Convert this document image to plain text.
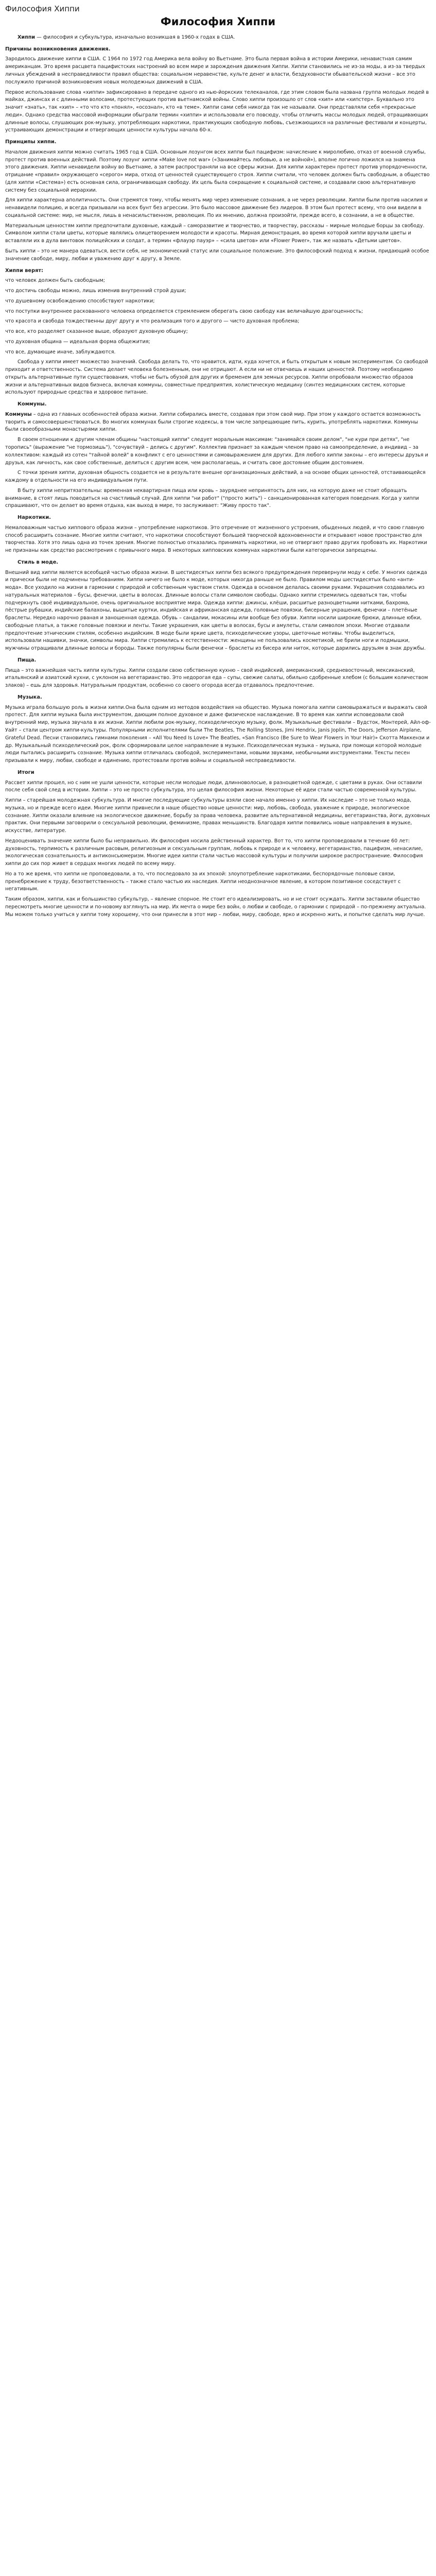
Философия Хиппи
Философия Хиппи

Хиппи — философия и субкультура, изначально возникшая в 1960-х годах в США.

Причины возникновения движения.

Зародилось движение хиппи в США. С 1964 по 1972 год Америка вела войну во Вьетнаме. Это была первая война в истории Америки, ненавистная самим американцам. Это время расцвета пацифистских настроений во всем мире и зарождения движения Хиппи. Хиппи становились не из-за моды, а из-за твердых личных убеждений в несправедливости правил общества: социальном неравенстве, культе денег и власти, бездуховности обывательской жизни – все это послужило причиной возникновения новых молодежных движений в США.

Первое использование слова «хиппи» зафиксировано в передаче одного из нью-йоркских телеканалов, где этим словом была названа группа молодых людей в майках, джинсах и с длинными волосами, протестующих против вьетнамской войны. Слово хиппи произошло от слов «хип» или «хипстер». Буквально это значит «знать», так «хип» – «то что кто «понял», «осознал», кто «в теме». Хиппи сами себя никогда так не называли. Они представляли себя «прекрасные люди». Однако средства массовой информации обыграли термин «хиппи» и использовали его повсюду, чтобы отличить массы молодых людей, отращивающих длинные волосы, слушающих рок-музыку, употребляющих наркотики, практикующих свободную любовь, съезжающихся на различные фестивали и концерты, устраивающих демонстрации и отвергающих ценности культуры начала 60-х.

Принципы хиппи.

Началом движения хиппи можно считать 1965 год в США. Основным лозунгом всех хиппи был пацифизм: начисление к миролюбию, отказ от военной службы, протест против военных действий. Поэтому лозунг хиппи «Make love not war» («Занимайтесь любовью, а не войной»), вполне логично ложился на знамена этого движения. Хиппи ненавидели войну во Вьетнаме, а затем распространяли на все сферы жизни. Для хиппи характерен протест против упорядоченности, отрицание «правил» окружающего «серого» мира, отход от ценностей существующего строя. Хиппи считали, что человек должен быть свободным, а общество (для хиппи «Система») есть основная сила, ограничивающая свободу. Их цель была сокращение к социальной системе, и создавали свою альтернативную систему без социальной иерархии.

Для хиппи характерна аполитичность. Они стремятся тому, чтобы менять мир через изменение сознания, а не через революции. Хиппи были против насилия и ненавидели полицию, и всегда призывали на всех бунт без агрессии. Это было массовое движение без лидеров. В этом был протест всему, что они видели в социальной системе: мир, не мысля, лишь в ненасильственном, революция. По их мнению, должна произойти, прежде всего, в сознании, а не в обществе.

Материальным ценностям хиппи предпочитали духовные, каждый – саморазвитие и творчество, и творчеству, рассказы – мирные молодые борцы за свободу. Символом хиппи стали цветы, которые являлись олицетворением молодости и красоты. Мирная демонстрация, во время которой хиппи вручали цветы и вставляли их в дула винтовок полицейских и солдат, а термин «флауэр пауэр» – «сила цветов» или «Flower Power», так же назвать «Детьми цветов».

Быть хиппи – это не манера одеваться, вести себя, не экономический статус или социальное положение. Это философский подход к жизни, придающий особое значение свободе, миру, любви и уважению друг к другу, в Земле.

Хиппи верят:

что человек должен быть свободным;

что достичь свободы можно, лишь изменив внутренний строй души;

что душевному освобождению способствуют наркотики;

что поступки внутреннее раскованного человека определяется стремлением оберегать свою свободу как величайшую драгоценность;

что красота и свобода тождественны друг другу и что реализация того и другого — чисто духовная проблема;

что все, кто разделяет сказанное выше, образуют духовную общину;

что духовная община — идеальная форма общежития;

что все, думающие иначе, заблуждаются.

Свобода у хиппи имеет множество значений. Свобода делать то, что нравится, идти, куда хочется, и быть открытым к новым экспериментам. Со свободой приходит и ответственность. Система делает человека болезненным, они не отрицают. А если ни не отвечаешь и наших ценностей. Поэтому необходимо открыть альтернативные пути существования, чтобы не быть обузой для других и бременем для земных ресурсов. Хиппи опробовали множество образов жизни и альтернативных видов бизнеса, включая коммуны, совместные предприятия, холистическую медицину (синтез медицинских систем, которые используют природные средства и здоровое питание.

Коммуны.

Коммуны – одна из главных особенностей образа жизни. Хиппи собирались вместе, создавая при этом свой мир. При этом у каждого остается возможность творить и самосовершенствоваться. Во многих коммунах были строгие кодексы, в том числе запрещающие пить, курить, употреблять наркотики. Коммуны были своеобразными монастырями хиппи.

В своем отношении к другим членам общины "настоящий хиппи" следует моральным максимам: "занимайся своим делом", "не кури при детях", "не торопись" (выражение "не тормозишь"), "сочувствуй – делись с другим". Коллектив признает за каждым членом право на самоопределение, а индивид – за коллективом: каждый из сотен "тайной волей" в конфликт с его ценностями и самовыражением для других. Для любого хиппи законы – его интересы друзья и друзья, как личность, как свое собственные, делиться с другим всем, чем располагаешь, и считать свое достояние общим достоянием.

С точки зрения хиппи, духовная общность создается не в результате внешне организационных действий, а на основе общих ценностей, отстаивающейся каждому в отдельности на его индивидуальном пути.

В быту хиппи непритязательны: временная неквартирная пища или кровь – зауряднее непринятость для них, на которую даже не стоит обращать внимание, в стоят лишь поводиться на счастливый случай. Для хиппи "ни работ" ("просто жить") – санкционированная категория поведения. Когда у хиппи спрашивают, что он делает во время отдыха, как выход в мире, то заслуживает: "Живу просто так".

Наркотики.

Немаловажным частью хиппового образа жизни – употребление наркотиков. Это отречение от жизненного устроения, обыденных людей, и что свою главную способ расширить сознание. Многие хиппи считают, что наркотики способствуют большей творческой вдохновенности и открывают новое пространство для творчества. Хотя это лишь одна из точек зрения. Многие полностью отказались принимать наркотики, но не отвергают право других пробовать их. Наркотики не признаны как средство рассмотрения с привычного мира. В некоторых хипповских коммунах наркотики были категорически запрещены.

Стиль в моде.

Внешний вид хиппи является всеобщей частью образа жизни. В шестидесятых хиппи без всякого предупреждения перевернули моду к себе. У многих одежда и прически были не подчинены требованиям. Хиппи ничего не было к моде, которых никогда раньше не было. Правилом моды шестидесятых было «анти-мода». Все уходило на жизни в гармонии с природой и собственным чувством стиля. Одежда в основном делалась своими руками. Украшения создавались из натуральных материалов – бусы, фенечки, цветы в волосах. Длинные волосы стали символом свободы. Однако хиппи стремились одеваться так, чтобы подчеркнуть своё индивидуальное, очень оригинальное восприятие мира. Одежда хиппи: джинсы, клёши, расшитые разноцветными нитками, бахрома, пёстрые рубашки, индийские балахоны, вышитые куртки, индийская и африканская одежда, головные повязки, бисерные украшения, фенечки – плетёные браслеты. Нередко нарочно рваная и заношенная одежда. Обувь – сандалии, мокасины или вообще без обуви. Хиппи носили широкие брюки, длинные юбки, свободные платья, а также головные повязки и ленты. Такие украшения, как цветы в волосах, бусы и амулеты, стали символом эпохи. Многие отдавали предпочтение этническим стилям, особенно индийским. В моде были яркие цвета, психоделические узоры, цветочные мотивы. Чтобы выделиться, использовали нашивки, значки, символы мира. Хиппи стремились к естественности: женщины не пользовались косметикой, не брили ноги и подмышки, мужчины отращивали длинные волосы и бороды. Также популярны были фенечки – браслеты из бисера или ниток, которые дарились друзьям в знак дружбы.

Пища.

Пища – это важнейшая часть хиппи культуры. Хиппи создали свою собственную кухню – свой индийский, американский, средневосточный, мексиканский, итальянский и азиатский кухни, с уклоном на вегетарианство. Это недорогая еда – супы, свежие салаты, обильно сдобренные хлебом (с большим количеством злаков) – ешь для здоровья. Натуральным продуктам, особенно со своего огорода всегда отдавалось предпочтение.

Музыка.

Музыка играла большую роль в жизни хиппи.Она была одним из методов воздействия на общество. Музыка помогала хиппи самовыражаться и выражать свой протест. Для хиппи музыка была инструментом, дающим полное духовное и даже физическое наслаждение. В то время как хиппи исповедовали свой внутренний мир, музыка звучала в их жизни. Хиппи любили рок-музыку, психоделическую музыку, фолк. Музыкальные фестивали – Вудсток, Монтерей, Айл-оф-Уайт – стали центром хиппи-культуры. Популярными исполнителями были The Beatles, The Rolling Stones, Jimi Hendrix, Janis Joplin, The Doors, Jefferson Airplane, Grateful Dead. Песни становились гимнами поколения – «All You Need Is Love» The Beatles, «San Francisco (Be Sure to Wear Flowers in Your Hair)» Скотта Маккензи и др. Музыкальный психоделический рок, фолк сформировали целое направление в музыке. Психоделическая музыка – музыка, при помощи которой молодые люди пытались расширить сознание. Музыка хиппи отличалась свободой, экспериментами, новыми звуками, необычными инструментами. Тексты песен призывали к миру, любви, свободе и единению, протестовали против войны и социальной несправедливости.

Итоги

Рассвет хиппи прошел, но с ним не ушли ценности, которые несли молодые люди, длинноволосые, в разноцветной одежде, с цветами в руках. Они оставили после себя свой след в истории. Хиппи – это не просто субкультура, это целая философия жизни. Некоторые её идеи стали частью современной культуры.

Хиппи – старейшая молодежная субкультура. И многие последующие субкультуры взяли свое начало именно у хиппи. Их наследие – это не только мода, музыка, но и прежде всего идеи. Многие хиппи привнесли в наше общество новые ценности: мир, любовь, свобода, уважение к природе, экологическое сознание. Хиппи оказали влияние на экологическое движение, борьбу за права человека, развитие альтернативной медицины, вегетарианства, йоги, духовных практик. Они первыми заговорили о сексуальной революции, феминизме, правах меньшинств. Благодаря хиппи появились новые направления в музыке, искусстве, литературе.

Недооценивать значение хиппи было бы неправильно. Их философия носила действенный характер. Вот то, что хиппи проповедовали в течение 60 лет: духовность, терпимость к различным расовым, религиозным и сексуальным группам, любовь к природе и к человеку, вегетарианство, пацифизм, ненасилие, экологическая сознательность и антиконсьюмеризм. Многие идеи хиппи стали частью массовой культуры и получили широкое распространение. Философия хиппи до сих пор живет в сердцах многих людей по всему миру.

Но а то же время, что хиппи не проповедовали, а то, что последовало за их эпохой: злоупотребление наркотиками, беспорядочные половые связи, пренебрежение к труду, безответственность – также стало частью их наследия. Хиппи неоднозначное явление, в котором позитивное соседствует с негативным.

Таким образом, хиппи, как и большинство субкультур, – явление спорное. Не стоит его идеализировать, но и не стоит осуждать. Хиппи заставили общество пересмотреть многие ценности и по-новому взглянуть на мир. Их мечта о мире без войн, о любви и свободе, о гармонии с природой – по-прежнему актуальна. Мы можем только учиться у хиппи тому хорошему, что они принесли в этот мир – любви, миру, свободе, ярко и искренно жить, и попытке сделать мир лучше.
